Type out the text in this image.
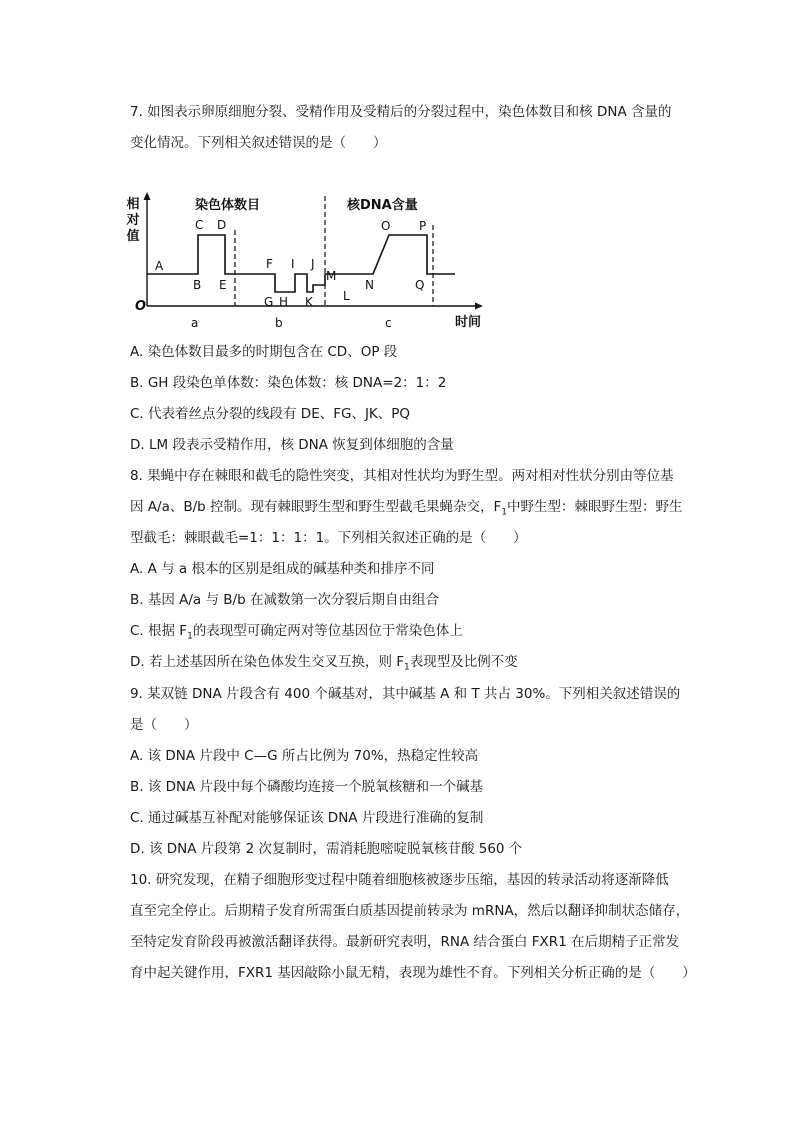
7. 如图表示卵原细胞分裂、受精作用及受精后的分裂过程中，染色体数目和核 DNA 含量的
变化情况。下列相关叙述错误的是（　　）
相
对
值
O
时间
染色体数目	核DNA含量
A
B
C D
E
F
G H
I J
K	L
M
N
O P
Q
a	b	c
A. 染色体数目最多的时期包含在 CD、OP 段
B. GH 段染色单体数：染色体数：核 DNA=2：1：2
C. 代表着丝点分裂的线段有 DE、FG、JK、PQ
D. LM 段表示受精作用，核 DNA 恢复到体细胞的含量
8. 果蝇中存在棘眼和截毛的隐性突变，其相对性状均为野生型。两对相对性状分别由等位基
因 A/a、B/b 控制。现有棘眼野生型和野生型截毛果蝇杂交，$F_1$中野生型：棘眼野生型：野生
型截毛：棘眼截毛=1：1：1：1。下列相关叙述正确的是（　　）
A. A 与 a 根本的区别是组成的碱基种类和排序不同
B. 基因 A/a 与 B/b 在减数第一次分裂后期自由组合
C. 根据 $F_1$的表现型可确定两对等位基因位于常染色体上
D. 若上述基因所在染色体发生交叉互换，则 $F_1$表现型及比例不变
9. 某双链 DNA 片段含有 400 个碱基对，其中碱基 A 和 T 共占 30%。下列相关叙述错误的
是（　　）
A. 该 DNA 片段中 C—G 所占比例为 70%，热稳定性较高
B. 该 DNA 片段中每个磷酸均连接一个脱氧核糖和一个碱基
C. 通过碱基互补配对能够保证该 DNA 片段进行准确的复制
D. 该 DNA 片段第 2 次复制时，需消耗胞嘧啶脱氧核苷酸 560 个
10. 研究发现，在精子细胞形变过程中随着细胞核被逐步压缩，基因的转录活动将逐渐降低
直至完全停止。后期精子发育所需蛋白质基因提前转录为 mRNA，然后以翻译抑制状态储存，
至特定发育阶段再被激活翻译获得。最新研究表明，RNA 结合蛋白 FXR1 在后期精子正常发
育中起关键作用，FXR1 基因敲除小鼠无精，表现为雄性不育。下列相关分析正确的是（　　）
